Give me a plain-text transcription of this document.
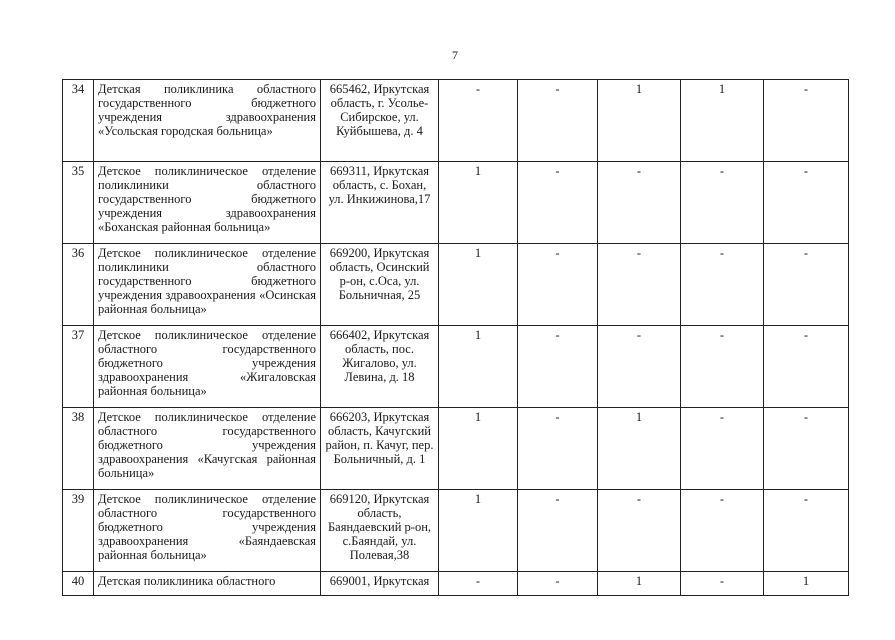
7
34	Детская поликлиника областного государственного бюджетного учреждения здравоохранения «Усольская городская больница»	665462, Иркутская область, г. Усолье-Сибирское, ул. Куйбышева, д. 4	-	-	1	1	-
35	Детское поликлиническое отделение поликлиники областного государственного бюджетного учреждения здравоохранения «Боханская районная больница»	669311, Иркутская область, с. Бохан, ул. Инкижинова,17	1	-	-	-	-
36	Детское поликлиническое отделение поликлиники областного государственного бюджетного учреждения здравоохранения «Осинская районная больница»	669200, Иркутская область, Осинский р-он, с.Оса, ул. Больничная, 25	1	-	-	-	-
37	Детское поликлиническое отделение областного государственного бюджетного учреждения здравоохранения «Жигаловская районная больница»	666402, Иркутская область, пос. Жигалово, ул. Левина, д. 18	1	-	-	-	-
38	Детское поликлиническое отделение областного государственного бюджетного учреждения здравоохранения «Качугская районная больница»	666203, Иркутская область, Качугский район, п. Качуг, пер. Больничный, д. 1	1	-	1	-	-
39	Детское поликлиническое отделение областного государственного бюджетного учреждения здравоохранения «Баяндаевская районная больница»	669120, Иркутская область, Баяндаевский р-он, с.Баяндай, ул. Полевая,38	1	-	-	-	-
40	Детская поликлиника областного	669001, Иркутская	-	-	1	-	1
